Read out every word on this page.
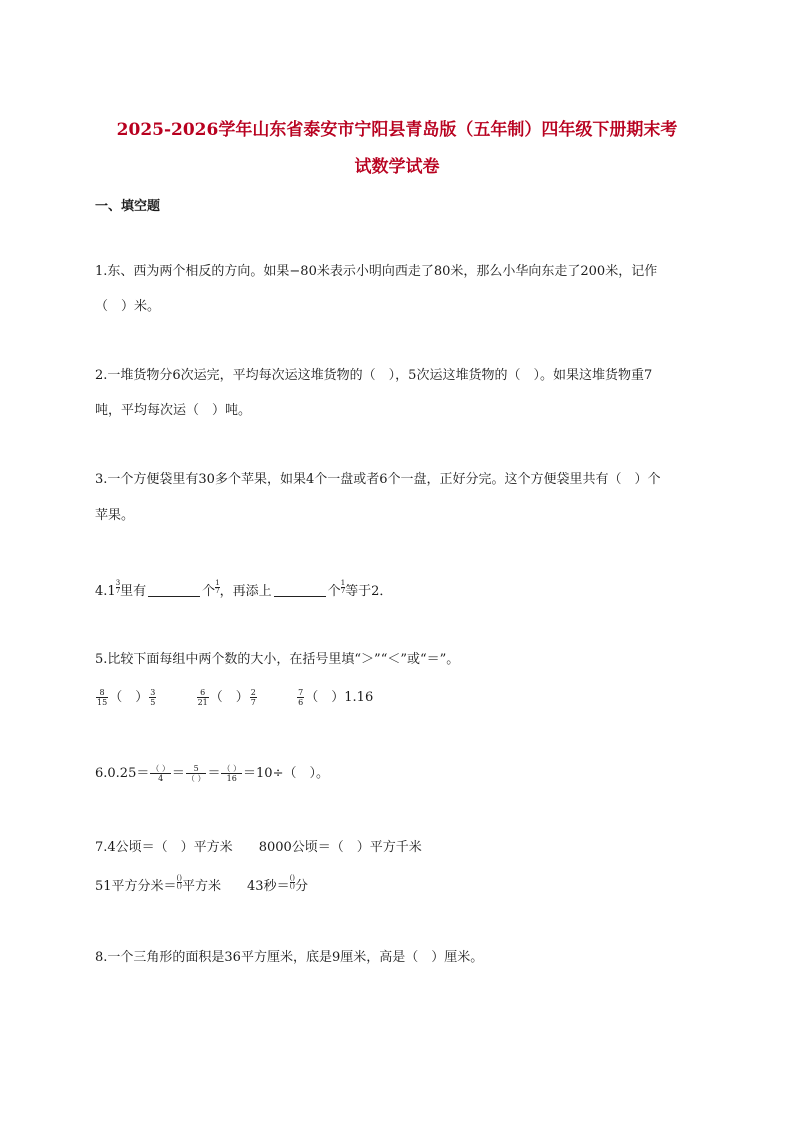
2025-2026学年山东省泰安市宁阳县青岛版（五年制）四年级下册期末考
试数学试卷
一、填空题
1.东、西为两个相反的方向。如果−80米表示小明向西走了80米，那么小华向东走了200米，记作
（　）米。
2.一堆货物分6次运完，平均每次运这堆货物的（　），5次运这堆货物的（　）。如果这堆货物重7
吨，平均每次运（　）吨。
3.一个方便袋里有30多个苹果，如果4个一盘或者6个一盘，正好分完。这个方便袋里共有（　）个
苹果。
$4.1 \frac{3}{7}$ 里有	个 $\frac{1}{7}$ ，再添上	个 $\frac{1}{7}$ 等于2．
5.比较下面每组中两个数的大小，在括号里填“＞”“＜”或“＝”。
$\frac{8}{15}$ （　） $\frac{3}{5}$
	$\frac{6}{21}$ （　） $\frac{2}{7}$
	$\frac{7}{6}$ （　）1.16
$6.0.25= \frac{( )}{4} = \frac{5}{( )} = \frac{( )}{16} =10\div$（　）。
7.4公顷＝（　）平方米 8000公顷＝（　）平方千米
51平方分米＝ $\frac{()}{()}$ 平方米 43秒＝ $\frac{()}{()}$ 分
8.一个三角形的面积是36平方厘米，底是9厘米，高是（　）厘米。
